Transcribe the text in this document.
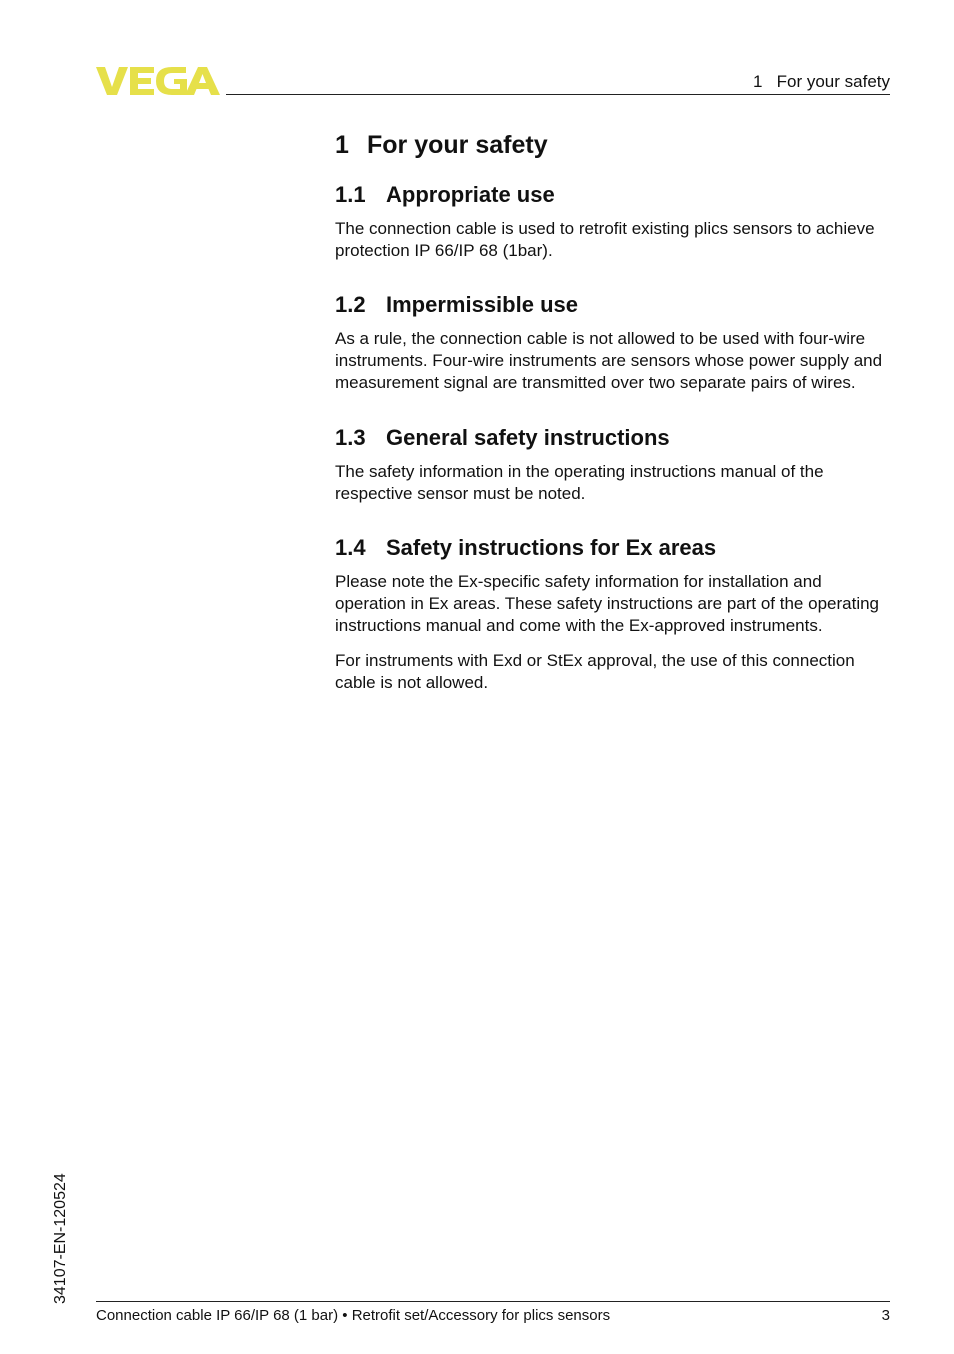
1   For your safety
1 For your safety
1.1 Appropriate use

The connection cable is used to retrofit existing plics sensors to achieve protection IP 66/IP 68 (1bar).

1.2 Impermissible use

As a rule, the connection cable is not allowed to be used with four-wire instruments. Four-wire instruments are sensors whose power supply and measurement signal are transmitted over two separate pairs of wires.

1.3 General safety instructions

The safety information in the operating instructions manual of the respective sensor must be noted.

1.4 Safety instructions for Ex areas

Please note the Ex-specific safety information for installation and operation in Ex areas. These safety instructions are part of the operating instructions manual and come with the Ex-approved instruments.

For instruments with Exd or StEx approval, the use of this connection cable is not allowed.

34107-EN-120524
Connection cable IP 66/IP 68 (1 bar) • Retrofit set/Accessory for plics sensors	3
